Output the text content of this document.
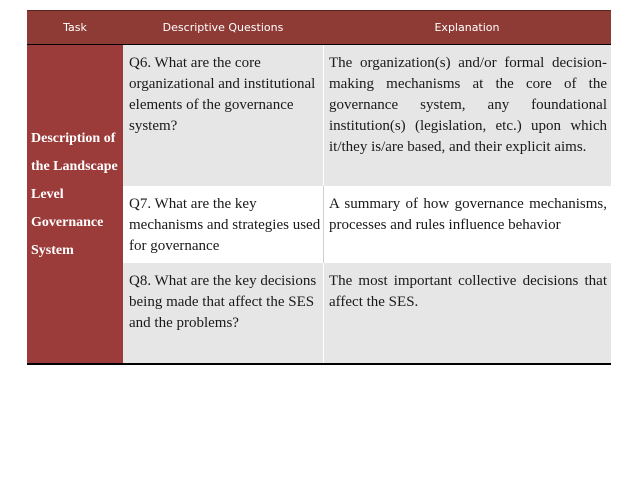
Task	Descriptive Questions	Explanation
Description of the Landscape Level Governance System
Q6. What are the core organizational and institutional elements of the governance system?
The organization(s) and/or formal decision-making mechanisms at the core of the governance system, any foundational institution(s) (legislation, etc.) upon which it/they is/are based, and their explicit aims.
Q7. What are the key mechanisms and strategies used for governance
A summary of how governance mechanisms, processes and rules influence behavior
Q8. What are the key decisions being made that affect the SES and the problems?
The most important collective decisions that affect the SES.
